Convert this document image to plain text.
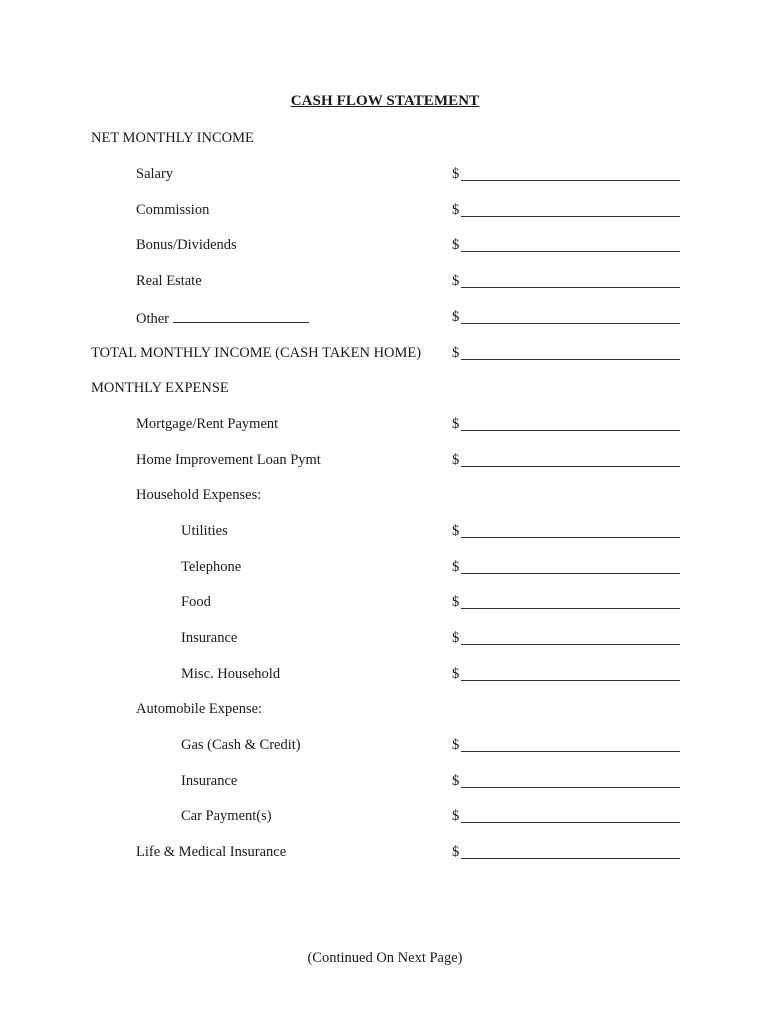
CASH FLOW STATEMENT
NET MONTHLY INCOME
Salary	$
Commission	$
Bonus/Dividends	$
Real Estate	$
Other	$
TOTAL MONTHLY INCOME (CASH TAKEN HOME) $
MONTHLY EXPENSE
Mortgage/Rent Payment	$
Home Improvement Loan Pymt	$
Household Expenses:
Utilities	$
Telephone	$
Food	$
Insurance	$
Misc. Household	$
Automobile Expense:
Gas (Cash & Credit)	$
Insurance	$
Car Payment(s)	$
Life & Medical Insurance	$
(Continued On Next Page)
